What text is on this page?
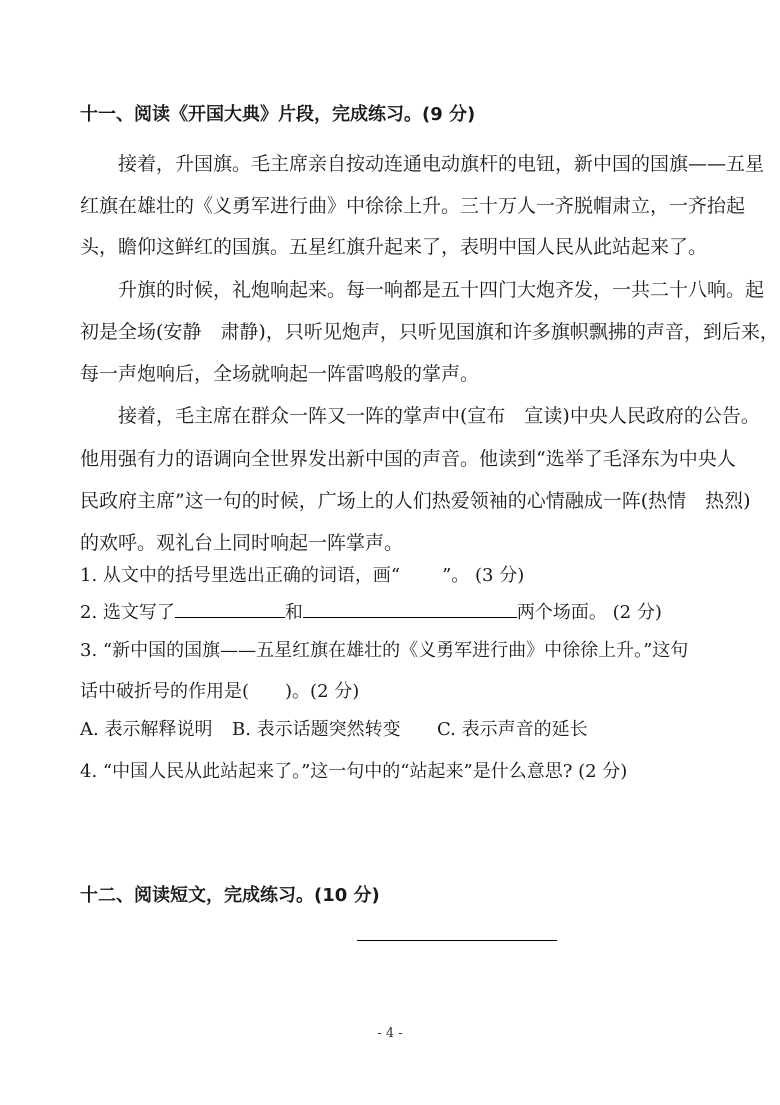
十一、阅读《开国大典》片段，完成练习。(9 分)
接着，升国旗。毛主席亲自按动连通电动旗杆的电钮，新中国的国旗——五星
红旗在雄壮的《义勇军进行曲》中徐徐上升。三十万人一齐脱帽肃立，一齐抬起
头，瞻仰这鲜红的国旗。五星红旗升起来了，表明中国人民从此站起来了。
升旗的时候，礼炮响起来。每一响都是五十四门大炮齐发，一共二十八响。起
初是全场(安静　肃静)，只听见炮声，只听见国旗和许多旗帜飘拂的声音，到后来，
每一声炮响后，全场就响起一阵雷鸣般的掌声。
接着，毛主席在群众一阵又一阵的掌声中(宣布　宣读)中央人民政府的公告。
他用强有力的语调向全世界发出新中国的声音。他读到“选举了毛泽东为中央人
民政府主席”这一句的时候，广场上的人们热爱领袖的心情融成一阵(热情　热烈)
的欢呼。观礼台上同时响起一阵掌声。
1. 从文中的括号里选出正确的词语，画“ ”。 (3 分)
2. 选文写了	和	两个场面。 (2 分)
3. “新中国的国旗——五星红旗在雄壮的《义勇军进行曲》中徐徐上升。”这句
话中破折号的作用是(　　)。(2 分)
A. 表示解释说明 B. 表示话题突然转变 C. 表示声音的延长
4. “中国人民从此站起来了。”这一句中的“站起来”是什么意思? (2 分)
十二、阅读短文，完成练习。(10 分)
- 4 -
